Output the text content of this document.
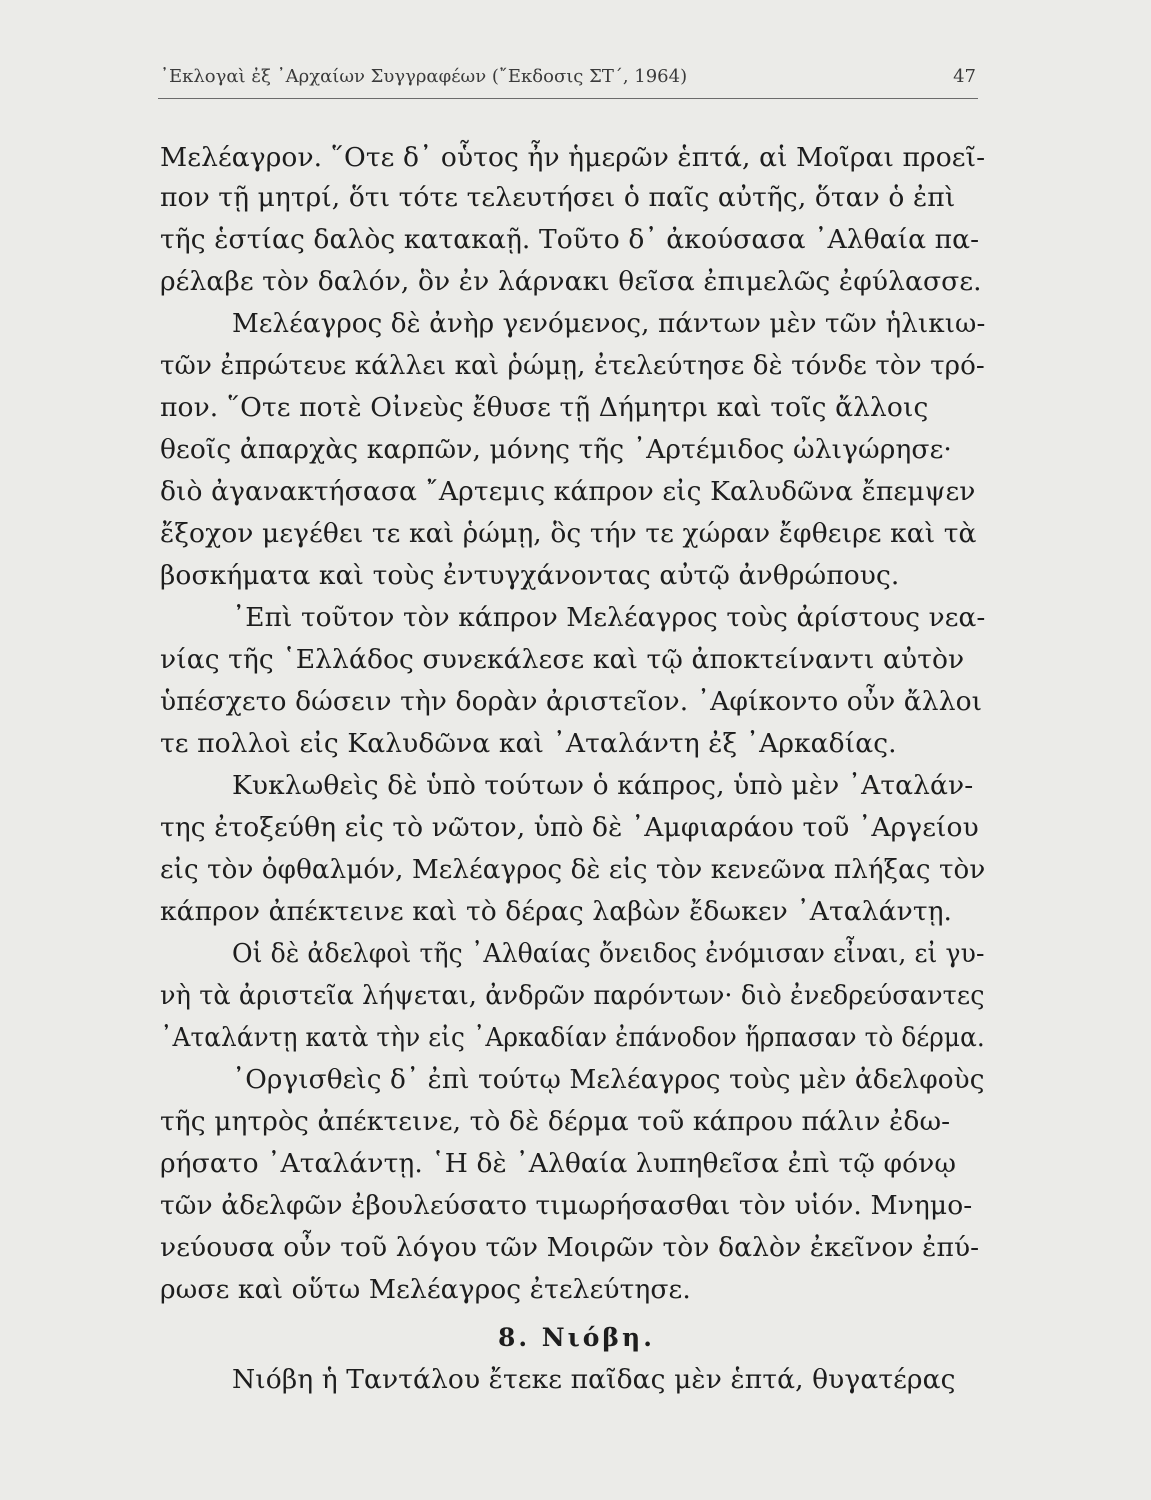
᾿Εκλογαὶ ἐξ ᾿Αρχαίων Συγγραφέων (῎Εκδοσις ΣΤ΄, 1964)	47
Μελέαγρον. ῞Οτε δ᾿ οὗτος ἦν ἡμερῶν ἑπτά, αἱ Μοῖραι προεῖ-
πον τῇ μητρί, ὅτι τότε τελευτήσει ὁ παῖς αὐτῆς, ὅταν ὁ ἐπὶ
τῆς ἑστίας δαλὸς κατακαῇ. Τοῦτο δ᾿ ἀκούσασα ᾿Αλθαία πα-
ρέλαβε τὸν δαλόν, ὃν ἐν λάρνακι θεῖσα ἐπιμελῶς ἐφύλασσε.
Μελέαγρος δὲ ἀνὴρ γενόμενος, πάντων μὲν τῶν ἡλικιω-
τῶν ἐπρώτευε κάλλει καὶ ῥώμῃ, ἐτελεύτησε δὲ τόνδε τὸν τρό-
πον. ῞Οτε ποτὲ Οἰνεὺς ἔθυσε τῇ Δήμητρι καὶ τοῖς ἄλλοις
θεοῖς ἀπαρχὰς καρπῶν, μόνης τῆς ᾿Αρτέμιδος ὠλιγώρησε·
διὸ ἀγανακτήσασα ῎Αρτεμις κάπρον εἰς Καλυδῶνα ἔπεμψεν
ἔξοχον μεγέθει τε καὶ ῥώμῃ, ὃς τήν τε χώραν ἔφθειρε καὶ τὰ
βοσκήματα καὶ τοὺς ἐντυγχάνοντας αὐτῷ ἀνθρώπους.
᾿Επὶ τοῦτον τὸν κάπρον Μελέαγρος τοὺς ἀρίστους νεα-
νίας τῆς ῾Ελλάδος συνεκάλεσε καὶ τῷ ἀποκτείναντι αὐτὸν
ὑπέσχετο δώσειν τὴν δορὰν ἀριστεῖον. ᾿Αφίκοντο οὖν ἄλλοι
τε πολλοὶ εἰς Καλυδῶνα καὶ ᾿Αταλάντη ἐξ ᾿Αρκαδίας.
Κυκλωθεὶς δὲ ὑπὸ τούτων ὁ κάπρος, ὑπὸ μὲν ᾿Αταλάν-
της ἐτοξεύθη εἰς τὸ νῶτον, ὑπὸ δὲ ᾿Αμφιαράου τοῦ ᾿Αργείου
εἰς τὸν ὀφθαλμόν, Μελέαγρος δὲ εἰς τὸν κενεῶνα πλήξας τὸν
κάπρον ἀπέκτεινε καὶ τὸ δέρας λαβὼν ἔδωκεν ᾿Αταλάντῃ.
Οἱ δὲ ἀδελφοὶ τῆς ᾿Αλθαίας ὄνειδος ἐνόμισαν εἶναι, εἰ γυ-
νὴ τὰ ἀριστεῖα λήψεται, ἀνδρῶν παρόντων· διὸ ἐνεδρεύσαντες
᾿Αταλάντῃ κατὰ τὴν εἰς ᾿Αρκαδίαν ἐπάνοδον ἥρπασαν τὸ δέρμα.
᾿Οργισθεὶς δ᾿ ἐπὶ τούτῳ Μελέαγρος τοὺς μὲν ἀδελφοὺς
τῆς μητρὸς ἀπέκτεινε, τὸ δὲ δέρμα τοῦ κάπρου πάλιν ἐδω-
ρήσατο ᾿Αταλάντῃ. ῾Η δὲ ᾿Αλθαία λυπηθεῖσα ἐπὶ τῷ φόνῳ
τῶν ἀδελφῶν ἐβουλεύσατο τιμωρήσασθαι τὸν υἱόν. Μνημο-
νεύουσα οὖν τοῦ λόγου τῶν Μοιρῶν τὸν δαλὸν ἐκεῖνον ἐπύ-
ρωσε καὶ οὕτω Μελέαγρος ἐτελεύτησε.
8. Νιόβη.
Νιόβη ἡ Ταντάλου ἔτεκε παῖδας μὲν ἑπτά, θυγατέρας
